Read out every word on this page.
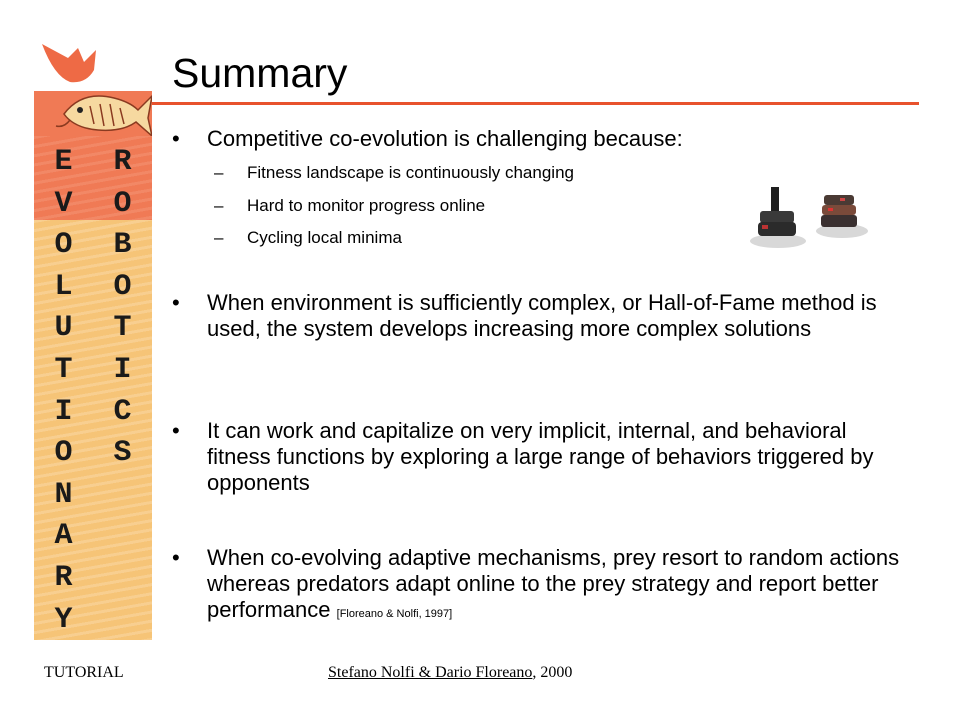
E	R
V	O
O	B
L	O
U	T
T	I
I	C
O	S
N
A
R
Y
Summary
• Competitive co-evolution is challenging because:
– Fitness landscape is continuously changing
– Hard to monitor progress online
– Cycling local minima
• When environment is sufficiently complex, or Hall-of-Fame method is used, the system develops increasing more complex solutions
• It can work and capitalize on very implicit, internal, and behavioral fitness functions by exploring a large range of behaviors triggered by opponents
• When co-evolving adaptive mechanisms, prey resort to random actions whereas predators adapt online to the prey strategy and report better performance [Floreano & Nolfi, 1997]
TUTORIAL	Stefano Nolfi & Dario Floreano, 2000
